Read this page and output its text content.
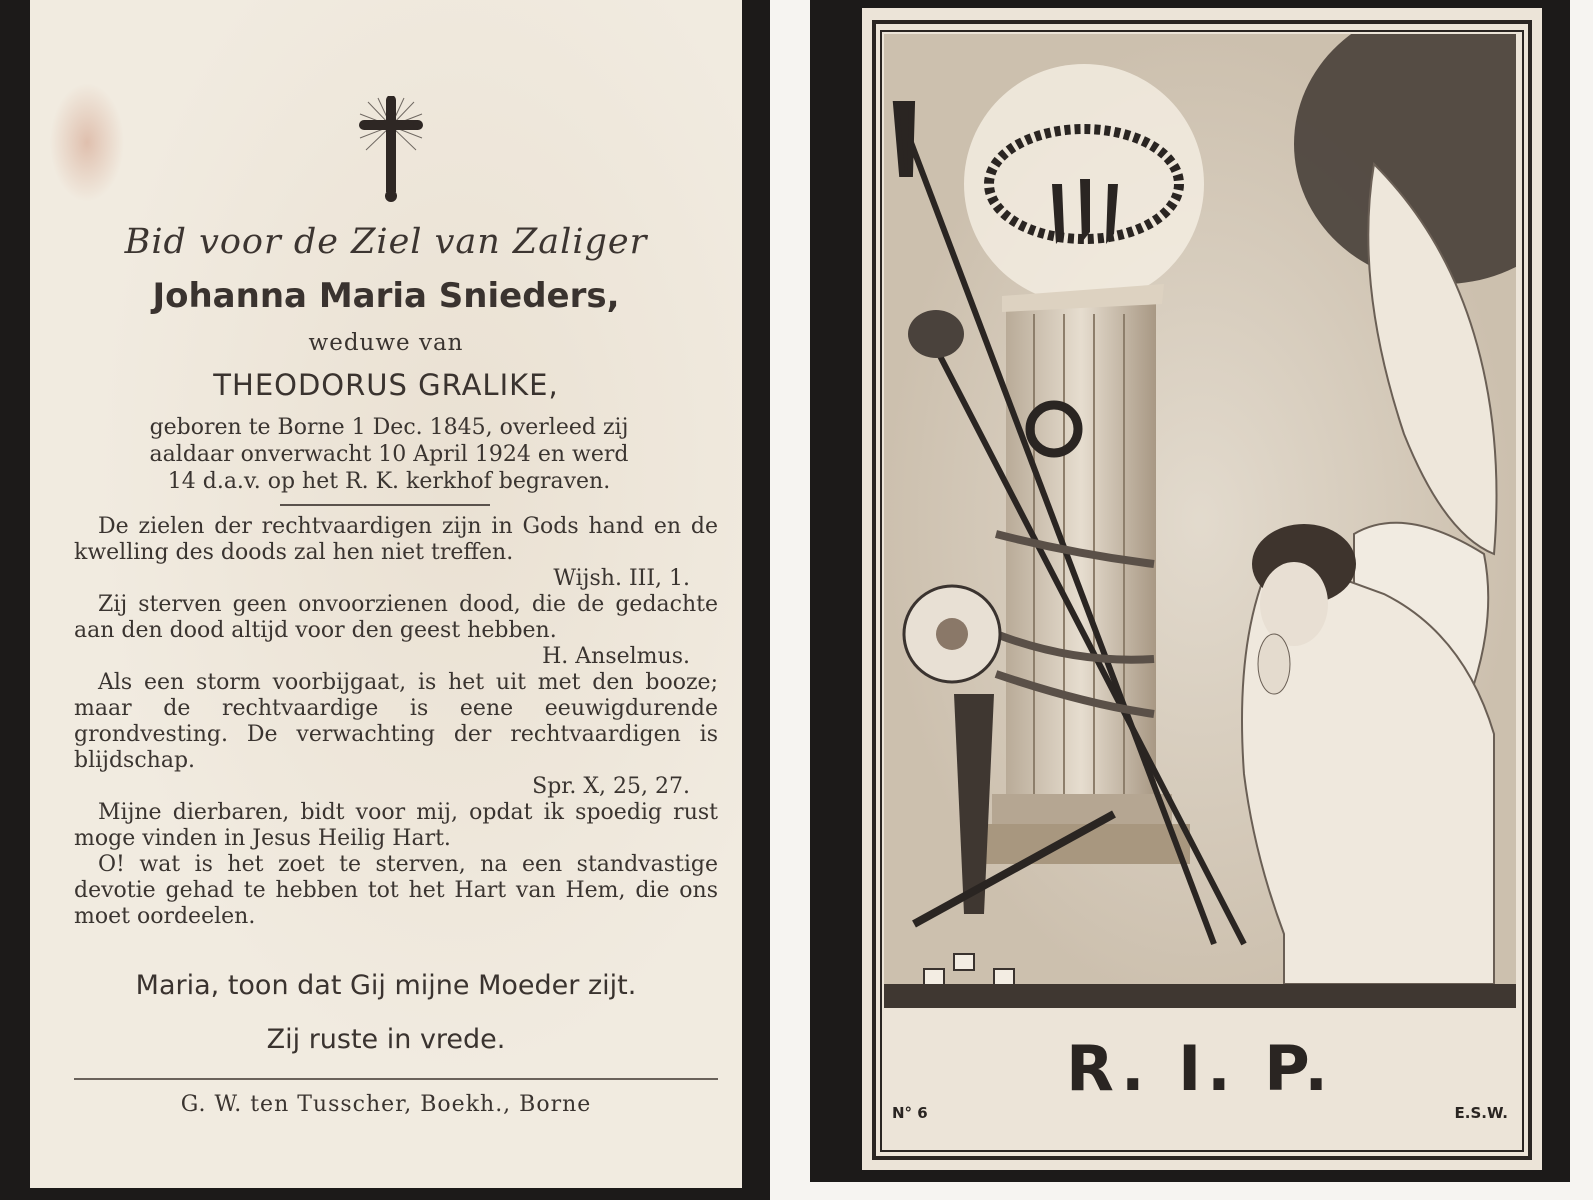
Bid voor de Ziel van Zaliger
Johanna Maria Snieders,
weduwe van
THEODORUS GRALIKE,
geboren te Borne 1 Dec. 1845, overleed zij
aaldaar onverwacht 10 April 1924 en werd
14 d.a.v. op het R. K. kerkhof begraven.
De zielen der rechtvaardigen zijn in Gods hand en de kwelling des doods zal hen niet treffen.
Wijsh. III, 1.
Zij sterven geen onvoorzienen dood, die de gedachte aan den dood altijd voor den geest hebben.
H. Anselmus.
Als een storm voorbijgaat, is het uit met den booze; maar de rechtvaardige is eene eeuwigdurende grondvesting. De verwachting der rechtvaardigen is blijdschap.
Spr. X, 25, 27.
Mijne dierbaren, bidt voor mij, opdat ik spoedig rust moge vinden in Jesus Heilig Hart.
O! wat is het zoet te sterven, na een standvastige devotie gehad te hebben tot het Hart van Hem, die ons moet oordeelen.
Maria, toon dat Gij mijne Moeder zijt.
Zij ruste in vrede.
G. W. ten Tusscher, Boekh., Borne	R. I. P.
N° 6	E.S.W.
